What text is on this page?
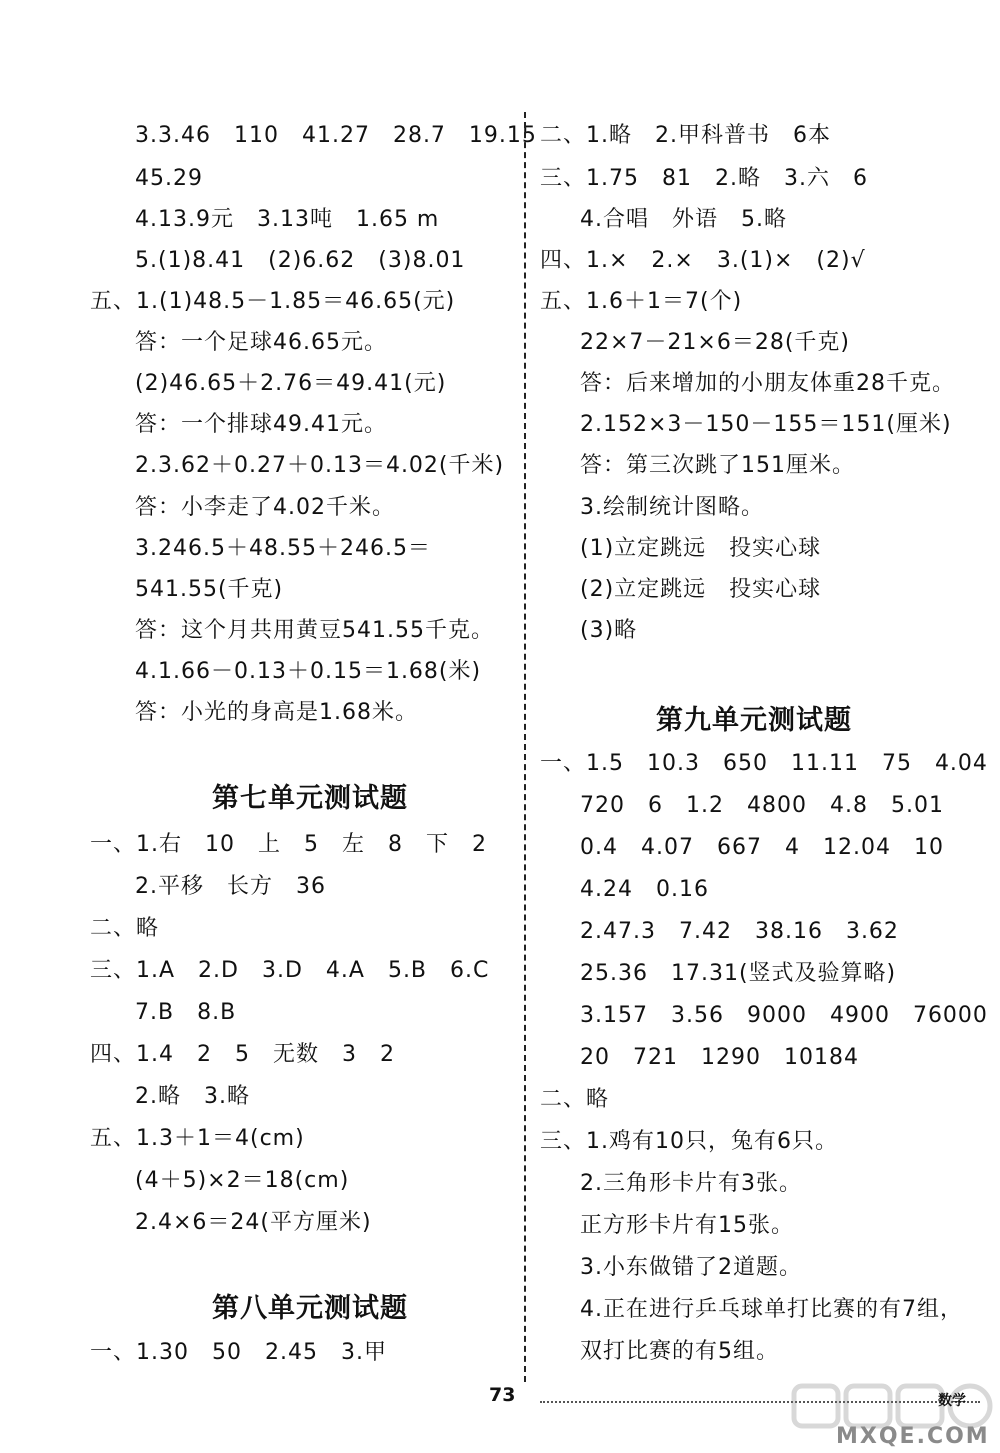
3.3.46　110　41.27　28.7　19.15
45.29
4.13.9元　3.13吨　1.65 m
5.(1)8.41　(2)6.62　(3)8.01
五、1.(1)48.5－1.85＝46.65(元)
答：一个足球46.65元。
(2)46.65＋2.76＝49.41(元)
答：一个排球49.41元。
2.3.62＋0.27＋0.13＝4.02(千米)
答：小李走了4.02千米。
3.246.5＋48.55＋246.5＝
541.55(千克)
答：这个月共用黄豆541.55千克。
4.1.66－0.13＋0.15＝1.68(米)
答：小光的身高是1.68米。
第七单元测试题
一、1.右　10　上　5　左　8　下　2
2.平移　长方　36
二、略
三、1.A　2.D　3.D　4.A　5.B　6.C
7.B　8.B
四、1.4　2　5　无数　3　2
2.略　3.略
五、1.3＋1＝4(cm)
(4＋5)×2＝18(cm)
2.4×6＝24(平方厘米)
第八单元测试题
一、1.30　50　2.45　3.甲
二、1.略　2.甲科普书　6本
三、1.75　81　2.略　3.六　6
4.合唱　外语　5.略
四、1.×　2.×　3.(1)×　(2)√
五、1.6＋1＝7(个)
22×7－21×6＝28(千克)
答：后来增加的小朋友体重28千克。
2.152×3－150－155＝151(厘米)
答：第三次跳了151厘米。
3.绘制统计图略。
(1)立定跳远　投实心球
(2)立定跳远　投实心球
(3)略
第九单元测试题
一、1.5　10.3　650　11.11　75　4.04
720　6　1.2　4800　4.8　5.01
0.4　4.07　667　4　12.04　10
4.24　0.16
2.47.3　7.42　38.16　3.62
25.36　17.31(竖式及验算略)
3.157　3.56　9000　4900　76000
20　721　1290　10184
二、略
三、1.鸡有10只，兔有6只。
2.三角形卡片有3张。
正方形卡片有15张。
3.小东做错了2道题。
4.正在进行乒乓球单打比赛的有7组，
双打比赛的有5组。
73	数学
MXQE.COM
